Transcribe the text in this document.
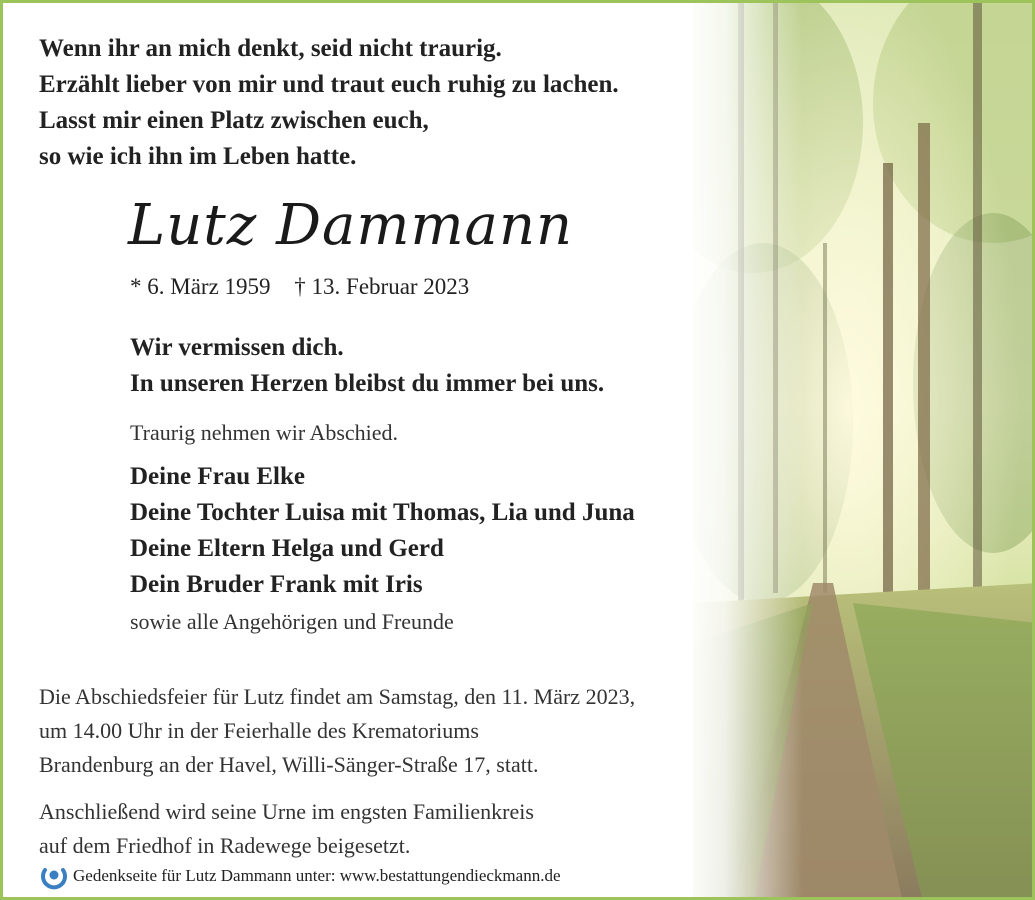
Wenn ihr an mich denkt, seid nicht traurig.
Erzählt lieber von mir und traut euch ruhig zu lachen.
Lasst mir einen Platz zwischen euch,
so wie ich ihn im Leben hatte.
Lutz Dammann
* 6. März 1959 † 13. Februar 2023
Wir vermissen dich.
In unseren Herzen bleibst du immer bei uns.
Traurig nehmen wir Abschied.
Deine Frau Elke
Deine Tochter Luisa mit Thomas, Lia und Juna
Deine Eltern Helga und Gerd
Dein Bruder Frank mit Iris
sowie alle Angehörigen und Freunde
Die Abschiedsfeier für Lutz findet am Samstag, den 11. März 2023,
um 14.00 Uhr in der Feierhalle des Krematoriums
Brandenburg an der Havel, Willi-Sänger-Straße 17, statt.
Anschließend wird seine Urne im engsten Familienkreis
auf dem Friedhof in Radewege beigesetzt.
Gedenkseite für Lutz Dammann unter: www.bestattungendieckmann.de
